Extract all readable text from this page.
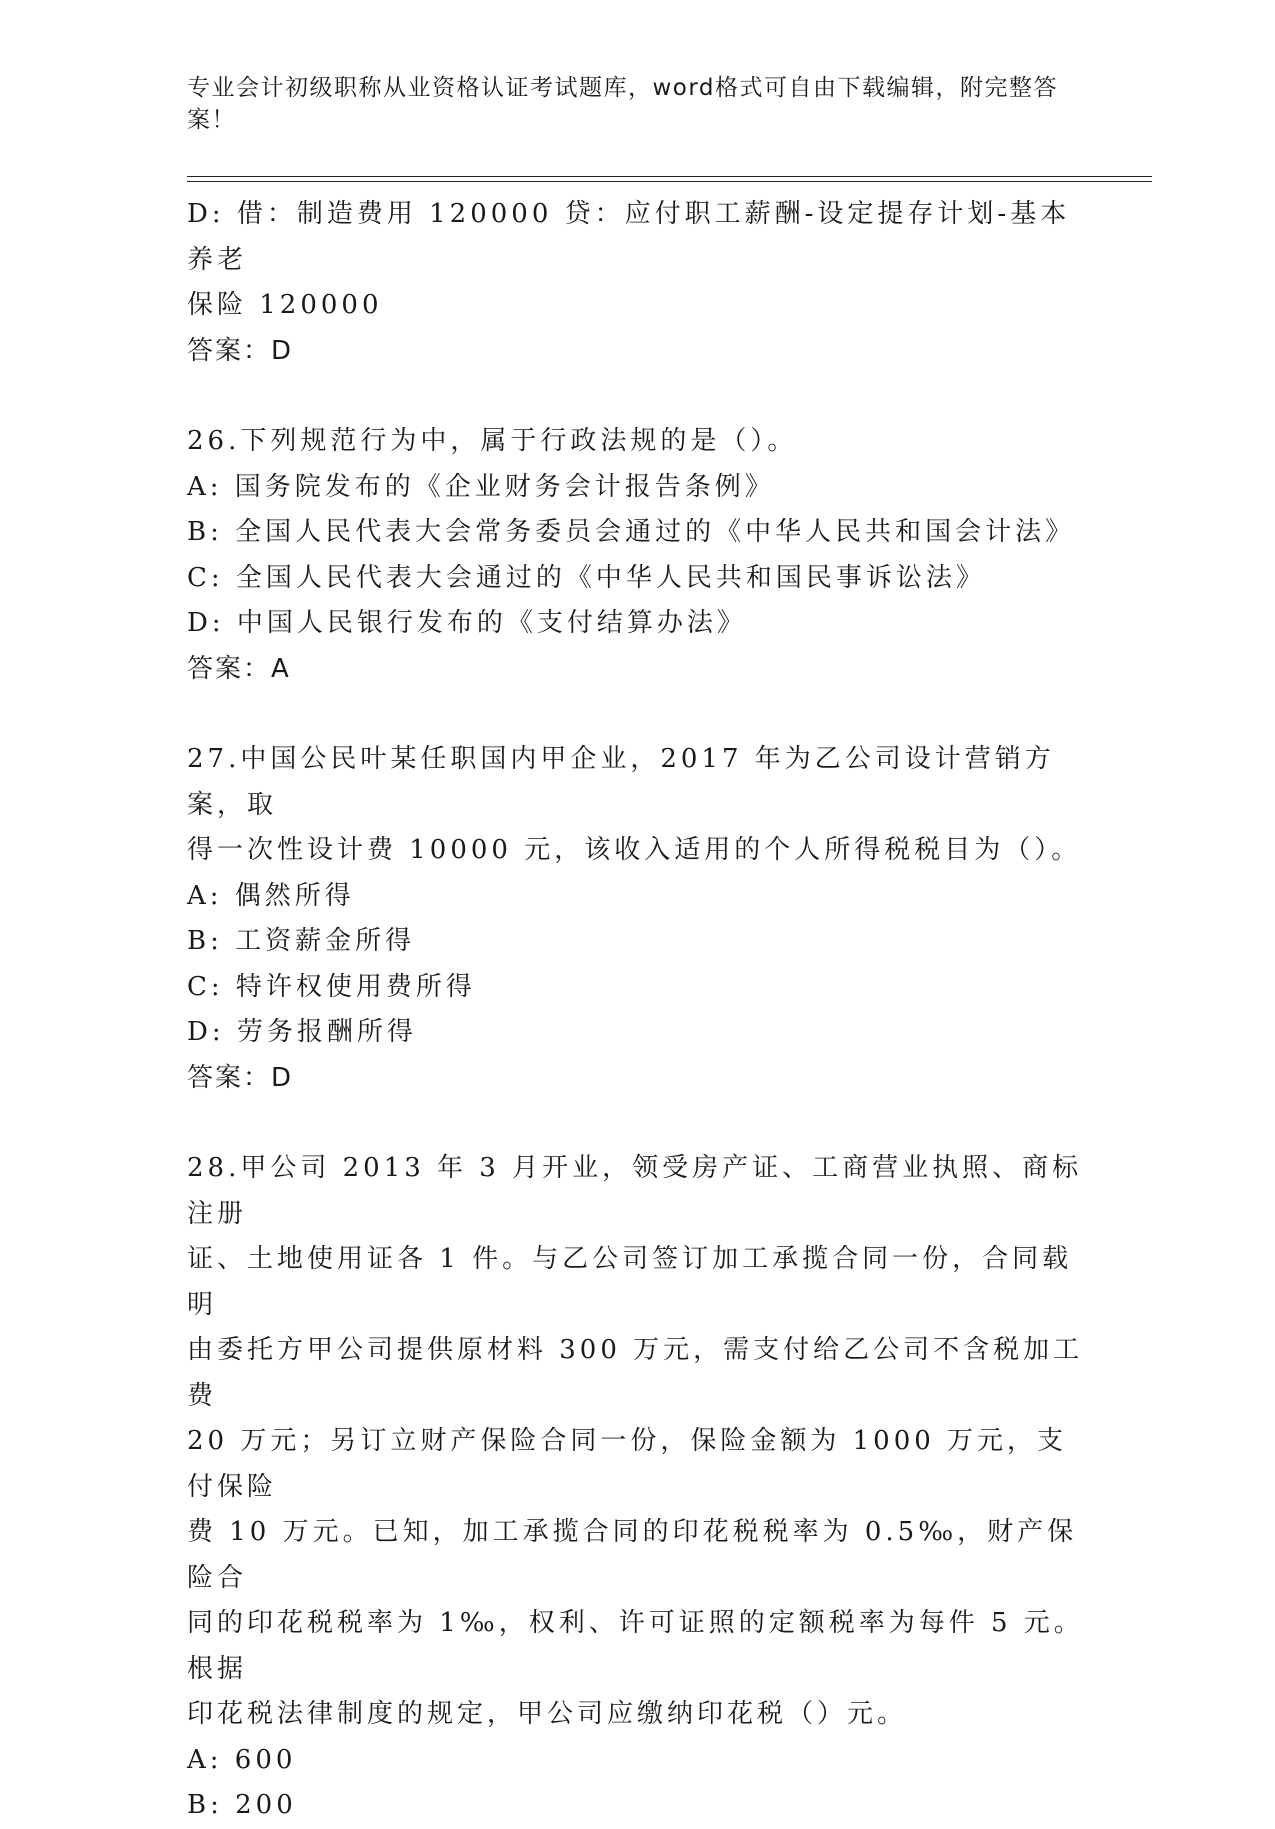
专业会计初级职称从业资格认证考试题库，word格式可自由下载编辑，附完整答案！

D: 借：制造费用 120000 贷：应付职工薪酬-设定提存计划-基本养老

保险 120000

答案：D

26.下列规范行为中，属于行政法规的是（）。

A: 国务院发布的《企业财务会计报告条例》

B: 全国人民代表大会常务委员会通过的《中华人民共和国会计法》

C: 全国人民代表大会通过的《中华人民共和国民事诉讼法》

D: 中国人民银行发布的《支付结算办法》

答案：A

27.中国公民叶某任职国内甲企业，2017 年为乙公司设计营销方案，取

得一次性设计费 10000 元，该收入适用的个人所得税税目为（）。

A: 偶然所得

B: 工资薪金所得

C: 特许权使用费所得

D: 劳务报酬所得

答案：D

28.甲公司 2013 年 3 月开业，领受房产证、工商营业执照、商标注册

证、土地使用证各 1 件。与乙公司签订加工承揽合同一份，合同载明

由委托方甲公司提供原材料 300 万元，需支付给乙公司不含税加工费

20 万元；另订立财产保险合同一份，保险金额为 1000 万元，支付保险

费 10 万元。已知，加工承揽合同的印花税税率为 0.5‰，财产保险合

同的印花税税率为 1‰，权利、许可证照的定额税率为每件 5 元。根据

印花税法律制度的规定，甲公司应缴纳印花税（）元。

A: 600

B: 200
